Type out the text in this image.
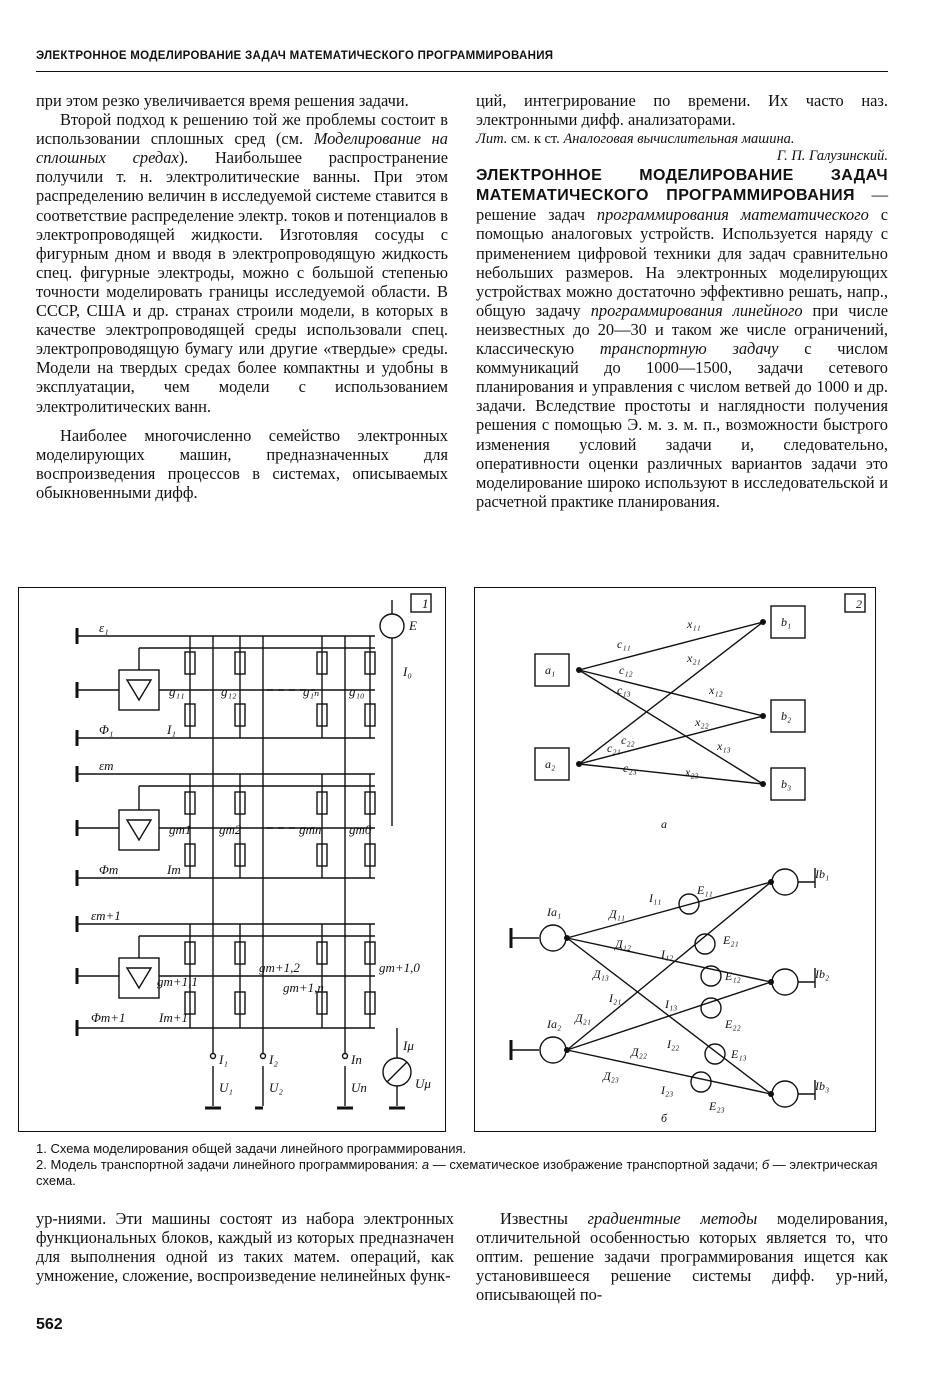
ЭЛЕКТРОННОЕ МОДЕЛИРОВАНИЕ ЗАДАЧ МАТЕМАТИЧЕСКОГО ПРОГРАММИРОВАНИЯ

при этом резко увеличивается время решения задачи.

Второй подход к решению той же проблемы состоит в использовании сплошных сред (см. Моделирование на сплошных средах). Наибольшее распространение получили т. н. электролитические ванны. При этом распределению величин в исследуемой системе ставится в соответствие распределение электр. токов и потенциалов в электропроводящей жидкости. Изготовляя сосуды с фигурным дном и вводя в электропроводящую жидкость спец. фигурные электроды, можно с большой степенью точности моделировать границы исследуемой области. В СССР, США и др. странах строили модели, в которых в качестве электропроводящей среды использовали спец. электропроводящую бумагу или другие «твердые» среды. Модели на твердых средах более компактны и удобны в эксплуатации, чем модели с использованием электролитических ванн.

Наиболее многочисленно семейство электронных моделирующих машин, предназначенных для воспроизведения процессов в системах, описываемых обыкновенными дифф.

ций, интегрирование по времени. Их часто наз. электронными дифф. анализаторами.

Лит. см. к ст. Аналоговая вычислительная машина.

Г. П. Галузинский.

ЭЛЕКТРОННОЕ МОДЕЛИРОВАНИЕ ЗАДАЧ МАТЕМАТИЧЕСКОГО ПРОГРАММИРОВАНИЯ — решение задач программирования математического с помощью аналоговых устройств. Используется наряду с применением цифровой техники для задач сравнительно небольших размеров. На электронных моделирующих устройствах можно достаточно эффективно решать, напр., общую задачу программирования линейного при числе неизвестных до 20—30 и таком же числе ограничений, классическую транспортную задачу с числом коммуникаций до 1000—1500, задачи сетевого планирования и управления с числом ветвей до 1000 и др. задачи. Вследствие простоты и наглядности получения решения с помощью Э. м. з. м. п., возможности быстрого изменения условий задачи и, следовательно, оперативности оценки различных вариантов задачи это моделирование широко используют в исследовательской и расчетной практике планирования.

1
ε₁
Φ₁	I₁
g₁₁	g₁₂	g₁ₙ g₁₀
E
I₀
εm
Φm	Im
gm1 gm2	gmn gm0
εm+1
Φm+1	Im+1
gm+1,1
gm+1,2
gm+1,n
gm+1,0
I₁	I₂	In
U₁	U₂	Un
Iμ
Uμ
2
a₁
a₂
b₁
b₂
b₃
c₁₁
c₁₂
c₁₃
c₂₁
c₂₂
c₂₃
x₁₁
x₂₁
x₁₂
x₂₂
x₁₃
x₂₃
а
б
Ia₁
Ia₂
Ib₁
Ib₂
Ib₃
Д₁₁
Д₁₂
Д₁₃
Д₂₁
Д₂₂
Д₂₃
I₁₁
I₁₂
I₁₃
I₂₁
I₂₂
I₂₃
E₁₁
E₂₁
E₁₂
E₂₂
E₁₃
E₂₃

1. Схема моделирования общей задачи линейного программирования.

2. Модель транспортной задачи линейного программирования: а — схематическое изображение транспортной задачи; б — электрическая схема.

ур-ниями. Эти машины состоят из набора электронных функциональных блоков, каждый из которых предназначен для выполнения одной из таких матем. операций, как умножение, сложение, воспроизведение нелинейных функ-

Известны градиентные методы моделирования, отличительной особенностью которых является то, что оптим. решение задачи программирования ищется как установившееся решение системы дифф. ур-ний, описывающей по-

562
